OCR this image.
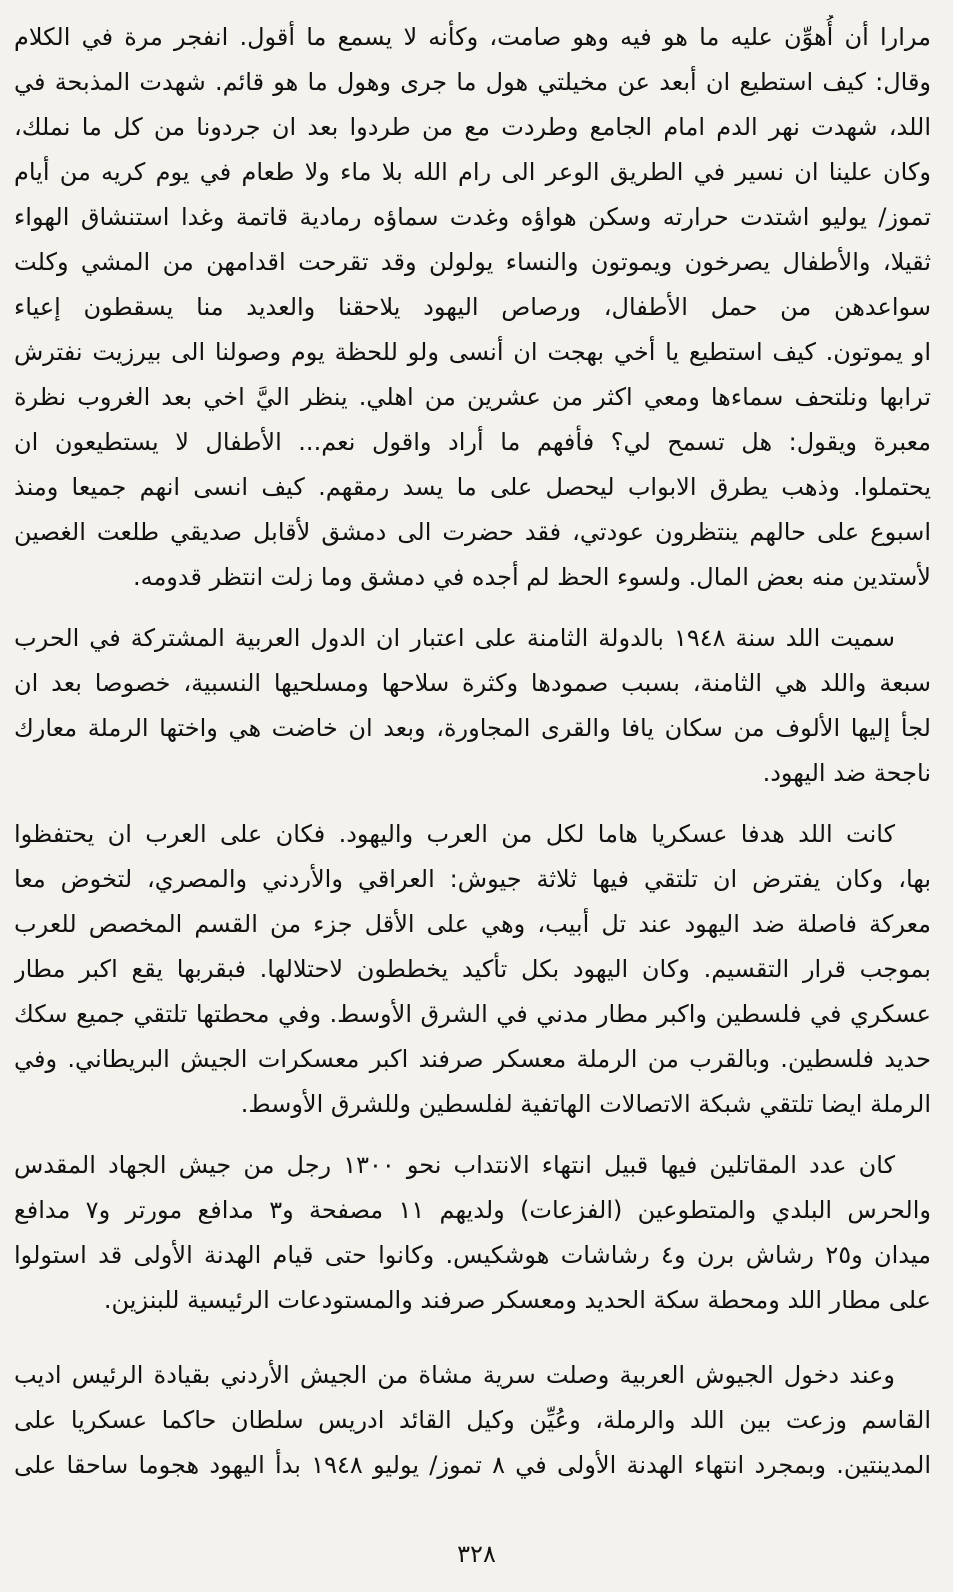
مرارا أن أُهوِّن عليه ما هو فيه وهو صامت، وكأنه لا يسمع ما أقول. انفجر مرة في الكلام
وقال: كيف استطيع ان أبعد عن مخيلتي هول ما جرى وهول ما هو قائم. شهدت المذبحة في
اللد، شهدت نهر الدم امام الجامع وطردت مع من طردوا بعد ان جردونا من كل ما نملك،
وكان علينا ان نسير في الطريق الوعر الى رام الله بلا ماء ولا طعام في يوم كريه من أيام
تموز/ يوليو اشتدت حرارته وسكن هواؤه وغدت سماؤه رمادية قاتمة وغدا استنشاق الهواء
ثقيلا، والأطفال يصرخون ويموتون والنساء يولولن وقد تقرحت اقدامهن من المشي وكلت
سواعدهن من حمل الأطفال، ورصاص اليهود يلاحقنا والعديد منا يسقطون إعياء
او يموتون. كيف استطيع يا أخي بهجت ان أنسى ولو للحظة يوم وصولنا الى بيرزيت نفترش
ترابها ونلتحف سماءها ومعي اكثر من عشرين من اهلي. ينظر اليَّ اخي بعد الغروب نظرة
معبرة ويقول: هل تسمح لي؟ فأفهم ما أراد واقول نعم... الأطفال لا يستطيعون ان
يحتملوا. وذهب يطرق الابواب ليحصل على ما يسد رمقهم. كيف انسى انهم جميعا ومنذ
اسبوع على حالهم ينتظرون عودتي، فقد حضرت الى دمشق لأقابل صديقي طلعت الغصين
لأستدين منه بعض المال. ولسوء الحظ لم أجده في دمشق وما زلت انتظر قدومه.
سميت اللد سنة ١٩٤٨ بالدولة الثامنة على اعتبار ان الدول العربية المشتركة في الحرب
سبعة واللد هي الثامنة، بسبب صمودها وكثرة سلاحها ومسلحيها النسبية، خصوصا بعد ان
لجأ إليها الألوف من سكان يافا والقرى المجاورة، وبعد ان خاضت هي واختها الرملة معارك
ناجحة ضد اليهود.
كانت اللد هدفا عسكريا هاما لكل من العرب واليهود. فكان على العرب ان يحتفظوا
بها، وكان يفترض ان تلتقي فيها ثلاثة جيوش: العراقي والأردني والمصري، لتخوض معا
معركة فاصلة ضد اليهود عند تل أبيب، وهي على الأقل جزء من القسم المخصص للعرب
بموجب قرار التقسيم. وكان اليهود بكل تأكيد يخططون لاحتلالها. فبقربها يقع اكبر مطار
عسكري في فلسطين واكبر مطار مدني في الشرق الأوسط. وفي محطتها تلتقي جميع سكك
حديد فلسطين. وبالقرب من الرملة معسكر صرفند اكبر معسكرات الجيش البريطاني. وفي
الرملة ايضا تلتقي شبكة الاتصالات الهاتفية لفلسطين وللشرق الأوسط.
كان عدد المقاتلين فيها قبيل انتهاء الانتداب نحو ١٣٠٠ رجل من جيش الجهاد المقدس
والحرس البلدي والمتطوعين (الفزعات) ولديهم ١١ مصفحة و٣ مدافع مورتر و٧ مدافع
ميدان و٢٥ رشاش برن و٤ رشاشات هوشكيس. وكانوا حتى قيام الهدنة الأولى قد استولوا
على مطار اللد ومحطة سكة الحديد ومعسكر صرفند والمستودعات الرئيسية للبنزين.
وعند دخول الجيوش العربية وصلت سرية مشاة من الجيش الأردني بقيادة الرئيس اديب
القاسم وزعت بين اللد والرملة، وعُيِّن وكيل القائد ادريس سلطان حاكما عسكريا على
المدينتين. وبمجرد انتهاء الهدنة الأولى في ٨ تموز/ يوليو ١٩٤٨ بدأ اليهود هجوما ساحقا على
٣٢٨
